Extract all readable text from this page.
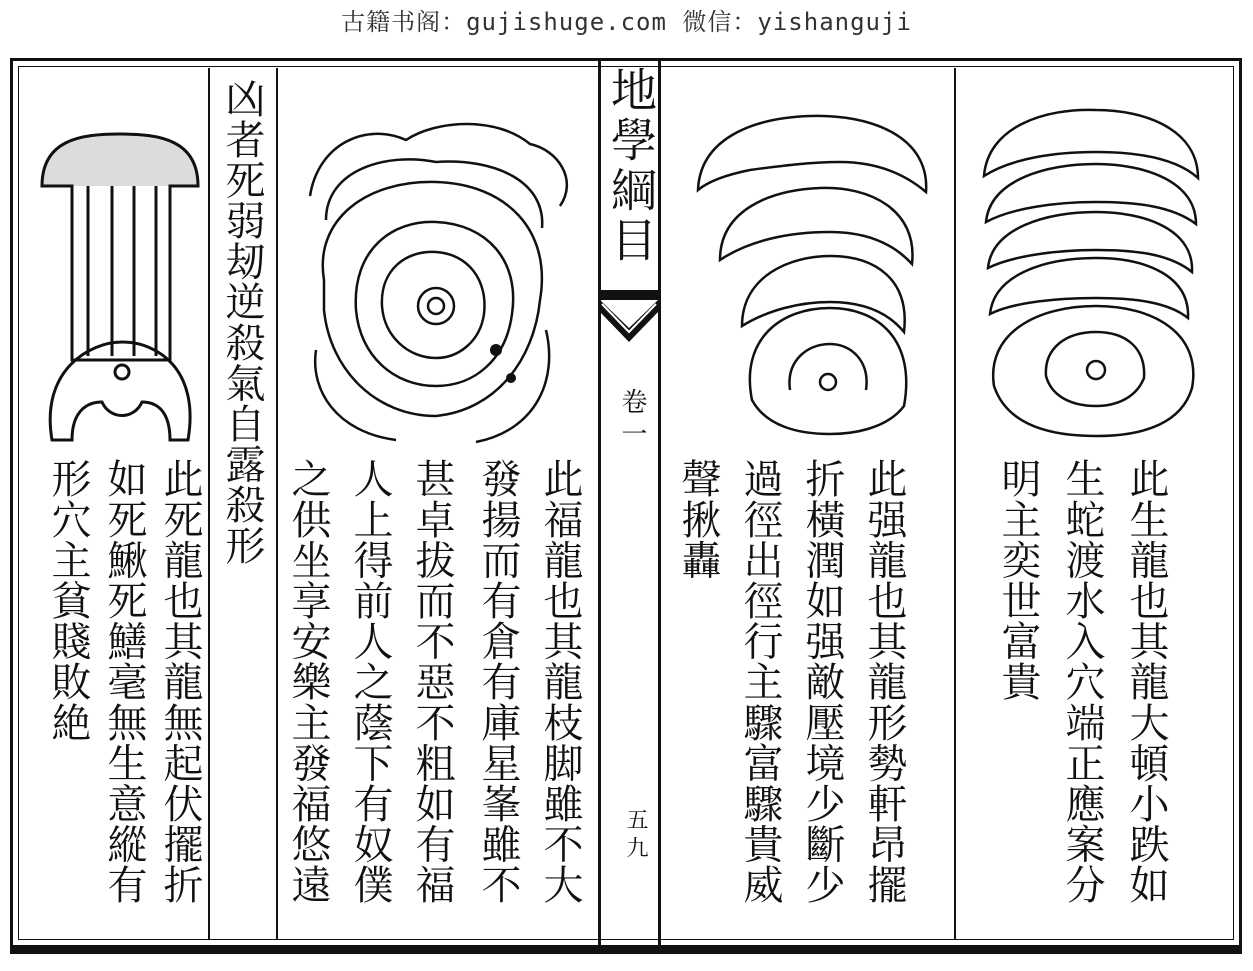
古籍书阁：gujishuge.com 微信：yishanguji
地學綱目
卷一
五九
凶者死弱刼逆殺氣自露殺形
形穴主貧賤敗絶 如死鰍死鱔毫無生意縱有 此死龍也其龍無起伏擺折 之供坐享安樂主發福悠遠 人上得前人之蔭下有奴僕 甚卓拔而不惡不粗如有福 發揚而有倉有庫星峯雖不 此福龍也其龍枝脚雖不大 聲揪轟 過徑出徑行主驟富驟貴威 折橫潤如强敵壓境少斷少 此强龍也其龍形勢軒昂擺 明主奕世富貴 生蛇渡水入穴端正應案分 此生龍也其龍大頓小跌如
